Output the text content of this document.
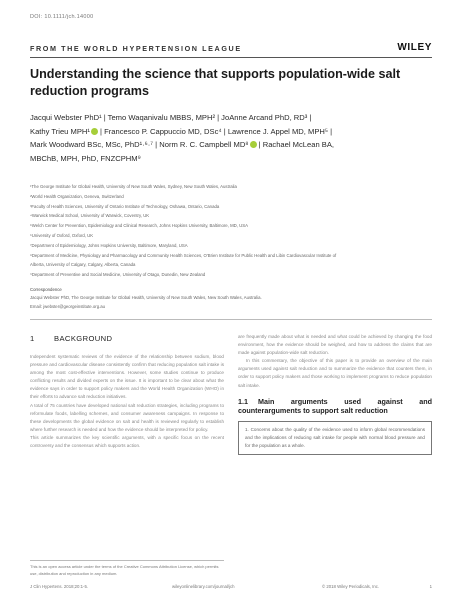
DOI: 10.1111/jch.14000
FROM THE WORLD HYPERTENSION LEAGUE	WILEY
Understanding the science that supports population-wide salt reduction programs
Jacqui Webster PhD¹ | Temo Waqanivalu MBBS, MPH² | JoAnne Arcand PhD, RD³ |
Kathy Trieu MPH¹ | Francesco P. Cappuccio MD, DSc⁴ | Lawrence J. Appel MD, MPH⁵ |
Mark Woodward BSc, MSc, PhD¹·⁶·⁷ | Norm R. C. Campbell MD⁸ | Rachael McLean BA,
MBChB, MPH, PhD, FNZCPHM⁹
¹The George Institute for Global Health, University of New South Wales, Sydney, New South Wales, Australia
²World Health Organization, Geneva, Switzerland
³Faculty of Health Sciences, University of Ontario Institute of Technology, Oshawa, Ontario, Canada
⁴Warwick Medical School, University of Warwick, Coventry, UK
⁵Welch Center for Prevention, Epidemiology and Clinical Research, Johns Hopkins University, Baltimore, MD, USA
⁶University of Oxford, Oxford, UK
⁷Department of Epidemiology, Johns Hopkins University, Baltimore, Maryland, USA
⁸Department of Medicine, Physiology and Pharmacology and Community Health Sciences, O'Brien Institute for Public Health and Libin Cardiovascular Institute of
Alberta, University of Calgary, Calgary, Alberta, Canada
⁹Department of Preventive and Social Medicine, University of Otago, Dunedin, New Zealand
Correspondence
Jacqui Webster PhD, The George Institute for Global Health, University of New South Wales, New South Wales, Australia.
Email: jwebster@georgeinstitute.org.au
1	BACKGROUND

Independent systematic reviews of the evidence of the relationship between sodium, blood pressure and cardiovascular disease consistently confirm that reducing population salt intake is among the most cost-effective interventions. However, some studies continue to produce conflicting results and divided experts on the issue. It is important to be clear about what the evidence says in order to support policy makers and the World Health Organization (WHO) in their efforts to advance salt reduction initiatives.

A total of 75 countries have developed national salt reduction strategies, including programs to reformulate foods, labelling schemes, and consumer awareness campaigns. In response to these developments the global evidence on salt and health is reviewed regularly to establish where further research is needed and how the evidence should be interpreted for policy.

This article summarizes the key scientific arguments, with a specific focus on the recent controversy and the consensus which supports action.

are frequently made about what is needed and what could be achieved by changing the food environment, how the evidence should be weighed, and how to address the claims that are made against population-wide salt reduction.

In this commentary, the objective of this paper is to provide an overview of the main arguments used against salt reduction and to summarize the evidence that counters them, in order to support policy makers and those working to implement programs to reduce population salt intake.

1.1 Main arguments used against and counterarguments to support salt reduction
1. Concerns about the quality of the evidence used to inform global recommendations and the implications of reducing salt intake for people with normal blood pressure and for the population as a whole.
This is an open access article under the terms of the Creative Commons Attribution License, which permits use, distribution and reproduction in any medium.
J Clin Hypertens. 2018;20:1-5.	wileyonlinelibrary.com/journal/jch	© 2018 Wiley Periodicals, Inc.	1
